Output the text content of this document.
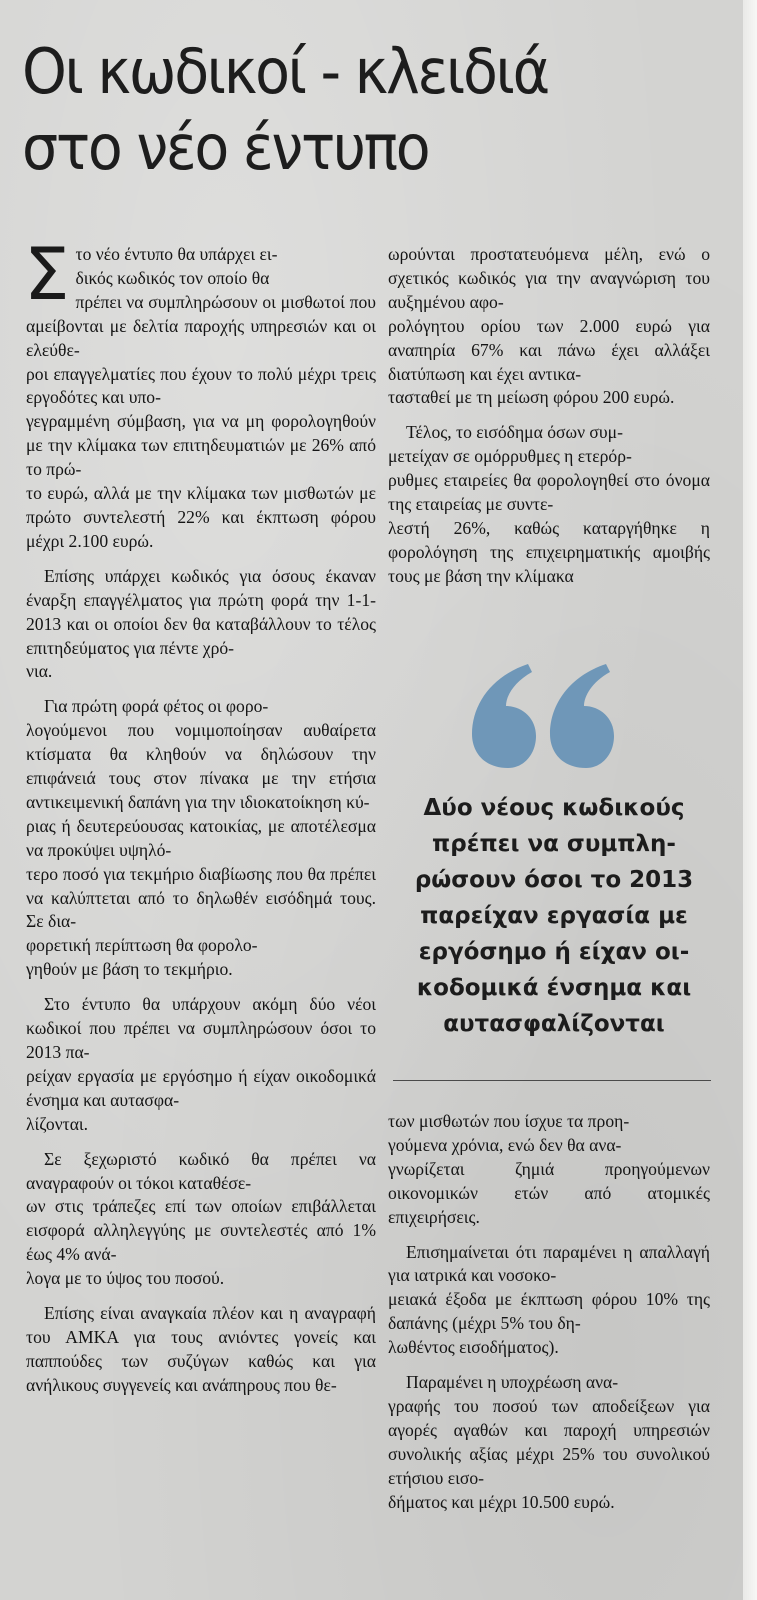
Οι κωδικοί - κλειδιά
στο νέο έντυπο

Στο νέο έντυπο θα υπάρχει ει-
δικός κωδικός τον οποίο θα
πρέπει να συμπληρώσουν οι μισθωτοί που αμείβονται με δελτία παροχής υπηρεσιών και οι ελεύθε-
ροι επαγγελματίες που έχουν το πολύ μέχρι τρεις εργοδότες και υπο-
γεγραμμένη σύμβαση, για να μη φορολογηθούν με την κλίμακα των επιτηδευματιών με 26% από το πρώ-
το ευρώ, αλλά με την κλίμακα των μισθωτών με πρώτο συντελεστή 22% και έκπτωση φόρου μέχρι 2.100 ευρώ.

Επίσης υπάρχει κωδικός για όσους έκαναν έναρξη επαγγέλματος για πρώτη φορά την 1-1-2013 και οι οποίοι δεν θα καταβάλλουν το τέλος επιτηδεύματος για πέντε χρό-
νια.

Για πρώτη φορά φέτος οι φορο-
λογούμενοι που νομιμοποίησαν αυθαίρετα κτίσματα θα κληθούν να δηλώσουν την επιφάνειά τους στον πίνακα με την ετήσια αντικειμενική δαπάνη για την ιδιοκατοίκηση κύ-
ριας ή δευτερεύουσας κατοικίας, με αποτέλεσμα να προκύψει υψηλό-
τερο ποσό για τεκμήριο διαβίωσης που θα πρέπει να καλύπτεται από το δηλωθέν εισόδημά τους. Σε δια-
φορετική περίπτωση θα φορολο-
γηθούν με βάση το τεκμήριο.

Στο έντυπο θα υπάρχουν ακόμη δύο νέοι κωδικοί που πρέπει να συμπληρώσουν όσοι το 2013 πα-
ρείχαν εργασία με εργόσημο ή είχαν οικοδομικά ένσημα και αυτασφα-
λίζονται.

Σε ξεχωριστό κωδικό θα πρέπει να αναγραφούν οι τόκοι καταθέσε-
ων στις τράπεζες επί των οποίων επιβάλλεται εισφορά αλληλεγγύης με συντελεστές από 1% έως 4% ανά-
λογα με το ύψος του ποσού.

Επίσης είναι αναγκαία πλέον και η αναγραφή του ΑΜΚΑ για τους ανιόντες γονείς και παππούδες των συζύγων καθώς και για ανήλικους συγγενείς και ανάπηρους που θε-

ωρούνται προστατευόμενα μέλη, ενώ ο σχετικός κωδικός για την αναγνώριση του αυξημένου αφο-
ρολόγητου ορίου των 2.000 ευρώ για αναπηρία 67% και πάνω έχει αλλάξει διατύπωση και έχει αντικα-
τασταθεί με τη μείωση φόρου 200 ευρώ.

Τέλος, το εισόδημα όσων συμ-
μετείχαν σε ομόρρυθμες η ετερόρ-
ρυθμες εταιρείες θα φορολογηθεί στο όνομα της εταιρείας με συντε-
λεστή 26%, καθώς καταργήθηκε η φορολόγηση της επιχειρηματικής αμοιβής τους με βάση την κλίμακα

Δύο νέους κωδικούς πρέπει να συμπλη-
ρώσουν όσοι το 2013 παρείχαν εργασία με εργόσημο ή είχαν οι-
κοδομικά ένσημα και αυτασφαλίζονται

των μισθωτών που ίσχυε τα προη-
γούμενα χρόνια, ενώ δεν θα ανα-
γνωρίζεται ζημιά προηγούμενων οικονομικών ετών από ατομικές επιχειρήσεις.

Επισημαίνεται ότι παραμένει η απαλλαγή για ιατρικά και νοσοκο-
μειακά έξοδα με έκπτωση φόρου 10% της δαπάνης (μέχρι 5% του δη-
λωθέντος εισοδήματος).

Παραμένει η υποχρέωση ανα-
γραφής του ποσού των αποδείξεων για αγορές αγαθών και παροχή υπηρεσιών συνολικής αξίας μέχρι 25% του συνολικού ετήσιου εισο-
δήματος και μέχρι 10.500 ευρώ.
